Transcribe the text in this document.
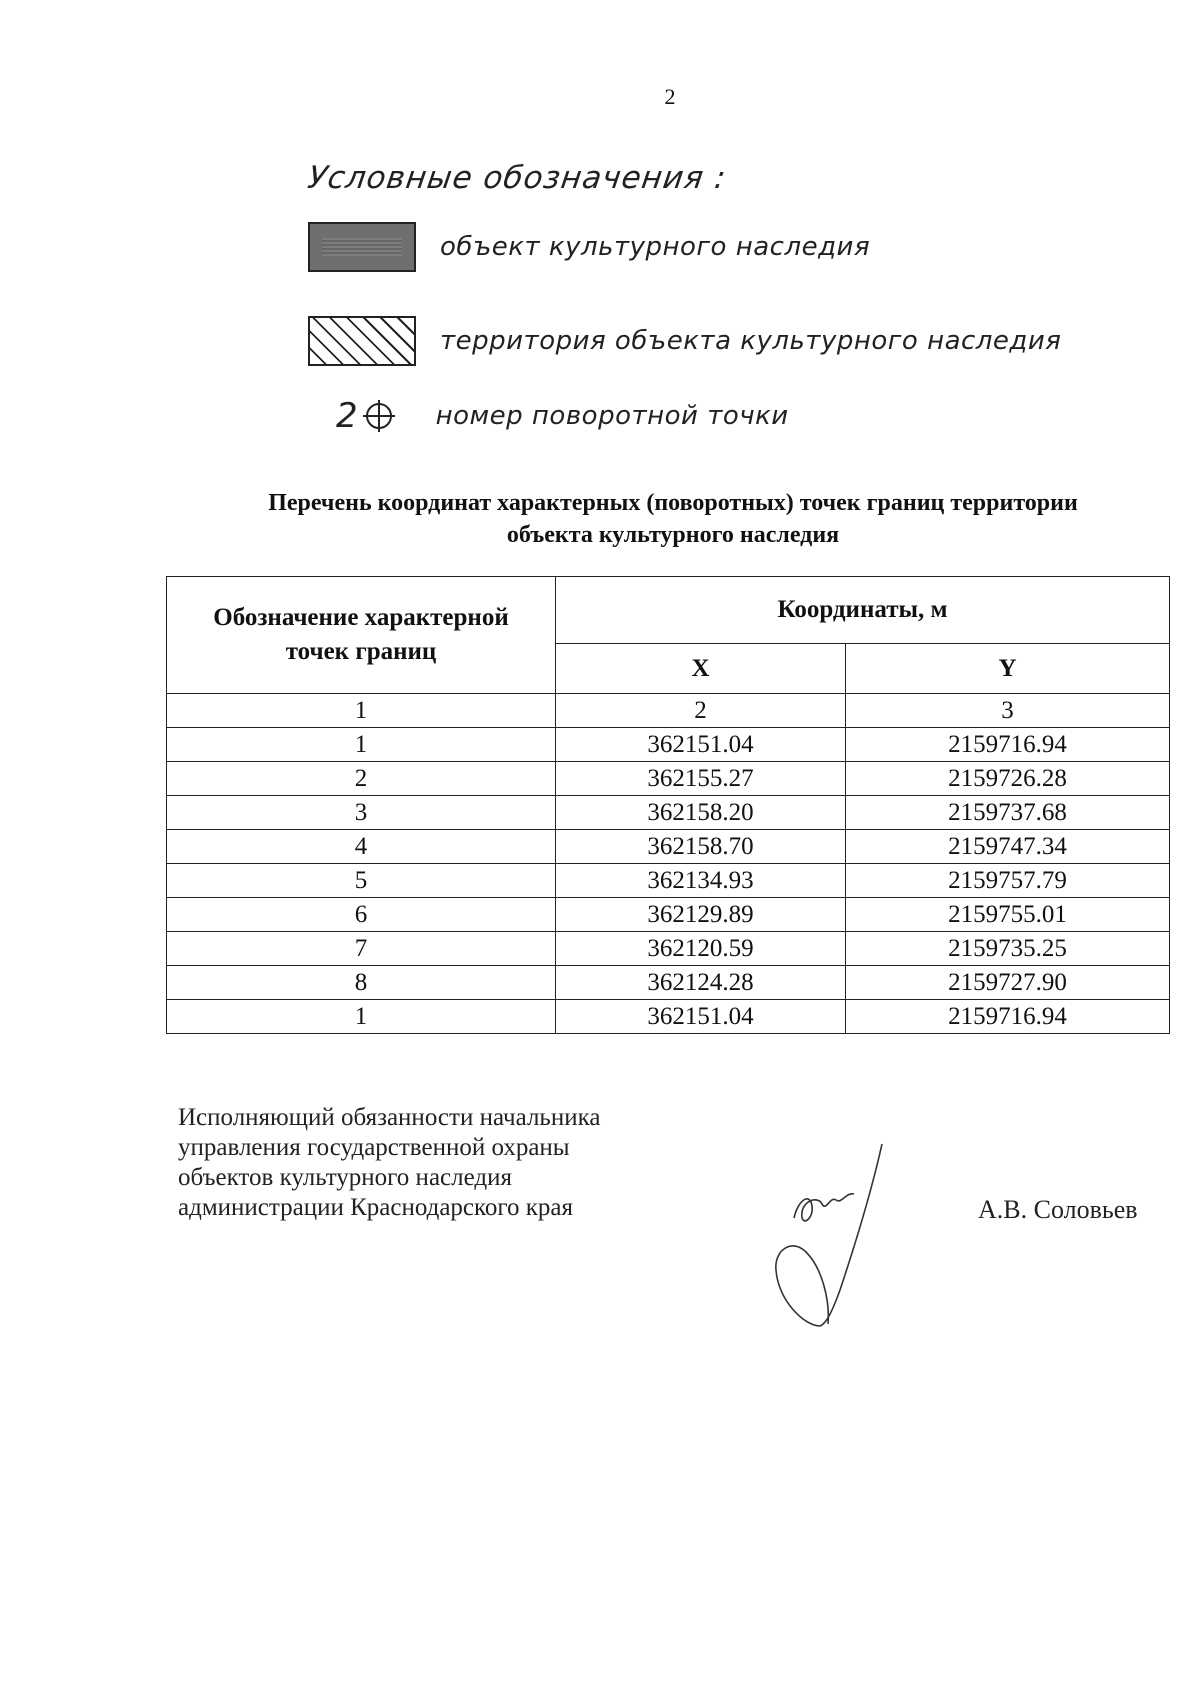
2
Условные обозначения :
объект культурного наследия
территория объекта культурного наследия
2	номер поворотной точки
Перечень координат характерных (поворотных) точек границ территории
объекта культурного наследия
Обозначение характерной
точек границ	Координаты, м	
	X	Y
1	2	3
1	362151.04	2159716.94
2	362155.27	2159726.28
3	362158.20	2159737.68
4	362158.70	2159747.34
5	362134.93	2159757.79
6	362129.89	2159755.01
7	362120.59	2159735.25
8	362124.28	2159727.90
1	362151.04	2159716.94
Исполняющий обязанности начальника
управления государственной охраны
объектов культурного наследия
администрации Краснодарского края	А.В. Соловьев
